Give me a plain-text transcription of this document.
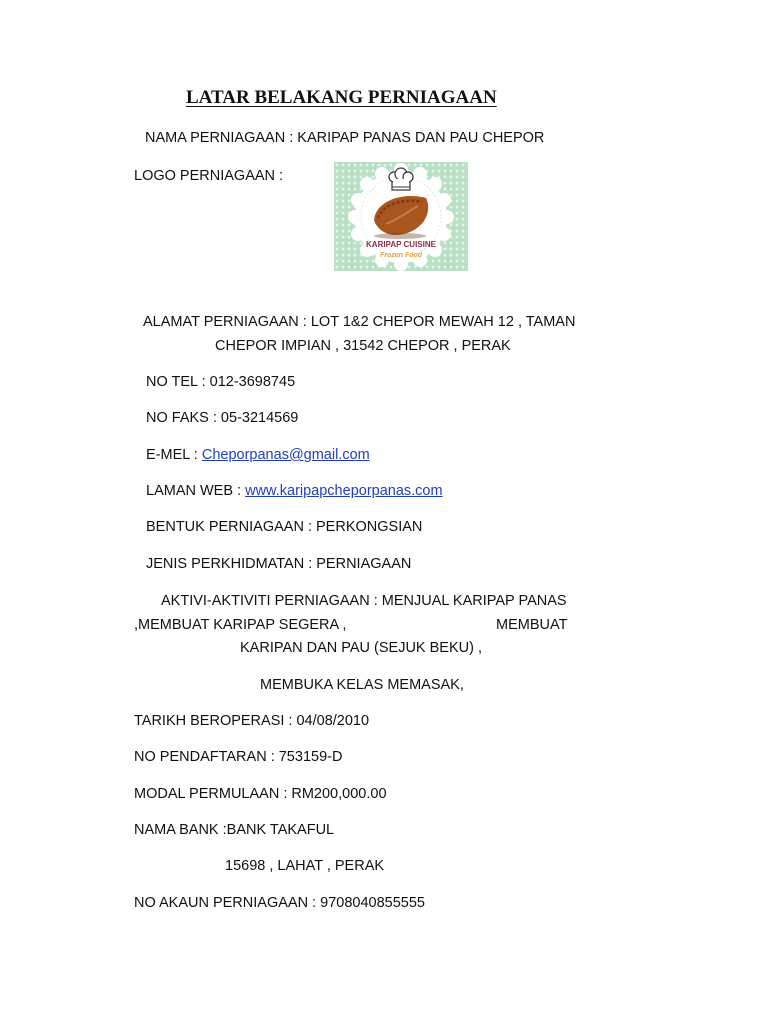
LATAR BELAKANG PERNIAGAAN
NAMA PERNIAGAAN : KARIPAP PANAS DAN PAU CHEPOR
LOGO PERNIAGAAN :
KARIPAP CUISINE
Frozen Food
ALAMAT PERNIAGAAN : LOT 1&2 CHEPOR MEWAH 12 , TAMAN
CHEPOR IMPIAN , 31542 CHEPOR , PERAK
NO TEL : 012-3698745
NO FAKS : 05-3214569
E-MEL : Cheporpanas@gmail.com
LAMAN WEB : www.karipapcheporpanas.com
BENTUK PERNIAGAAN : PERKONGSIAN
JENIS PERKHIDMATAN : PERNIAGAAN
AKTIVI-AKTIVITI PERNIAGAAN : MENJUAL KARIPAP PANAS
,MEMBUAT KARIPAP SEGERA ,	MEMBUAT
KARIPAN DAN PAU (SEJUK BEKU) ,
MEMBUKA KELAS MEMASAK,
TARIKH BEROPERASI : 04/08/2010
NO PENDAFTARAN : 753159-D
MODAL PERMULAAN : RM200,000.00
NAMA BANK :BANK TAKAFUL
15698 , LAHAT , PERAK
NO AKAUN PERNIAGAAN : 9708040855555
